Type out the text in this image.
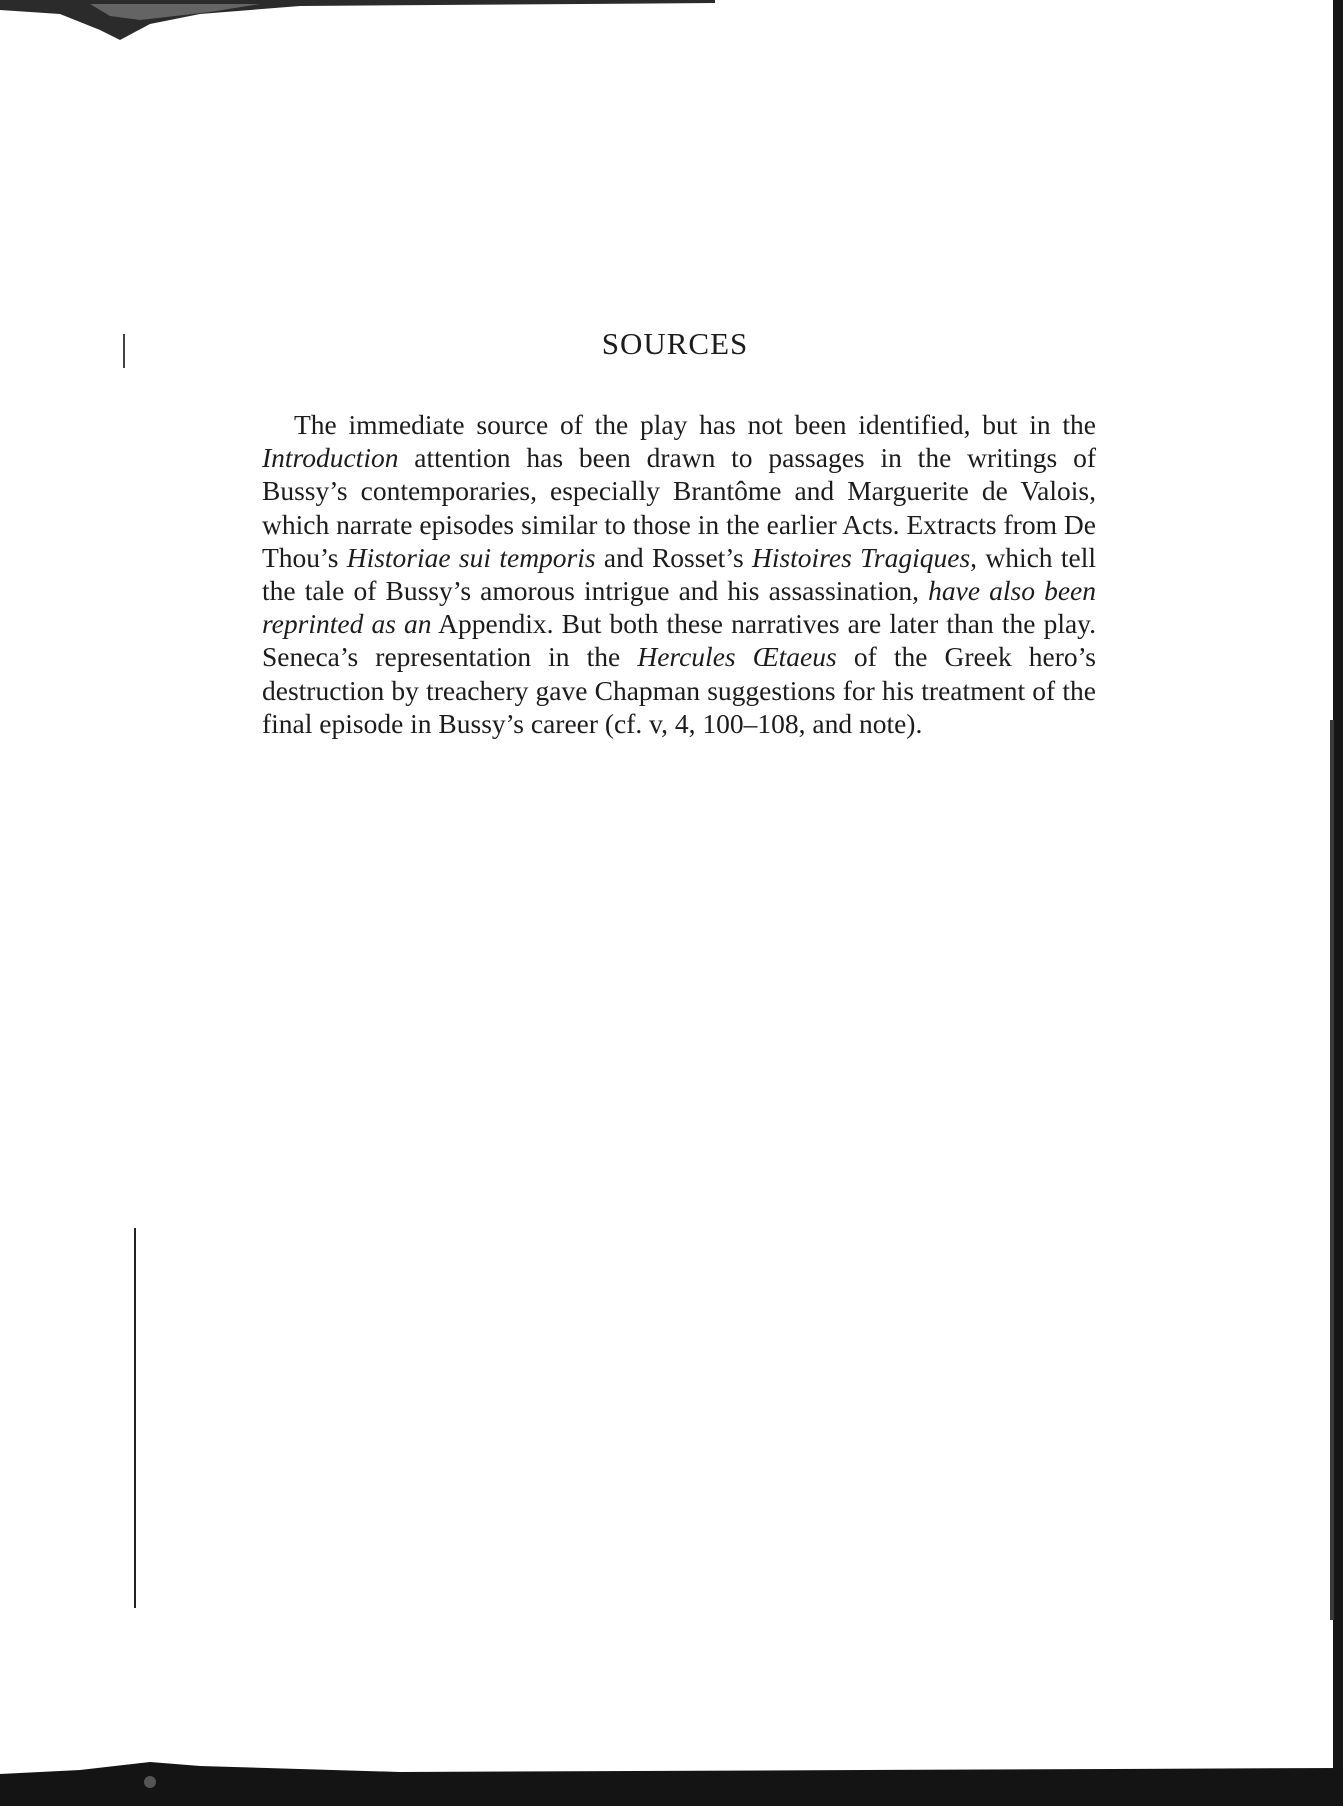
SOURCES

The immediate source of the play has not been identified, but in the Introduction attention has been drawn to passages in the writings of Bussy’s contemporaries, especially Brantôme and Marguerite de Valois, which narrate episodes similar to those in the earlier Acts. Extracts from De Thou’s Historiae sui temporis and Rosset’s Histoires Tragiques, which tell the tale of Bussy’s amorous intrigue and his assassination, have also been reprinted as an Appendix. But both these narratives are later than the play. Seneca’s representation in the Hercules Œtaeus of the Greek hero’s destruction by treachery gave Chapman suggestions for his treatment of the final episode in Bussy’s career (cf. v, 4, 100–108, and note).
